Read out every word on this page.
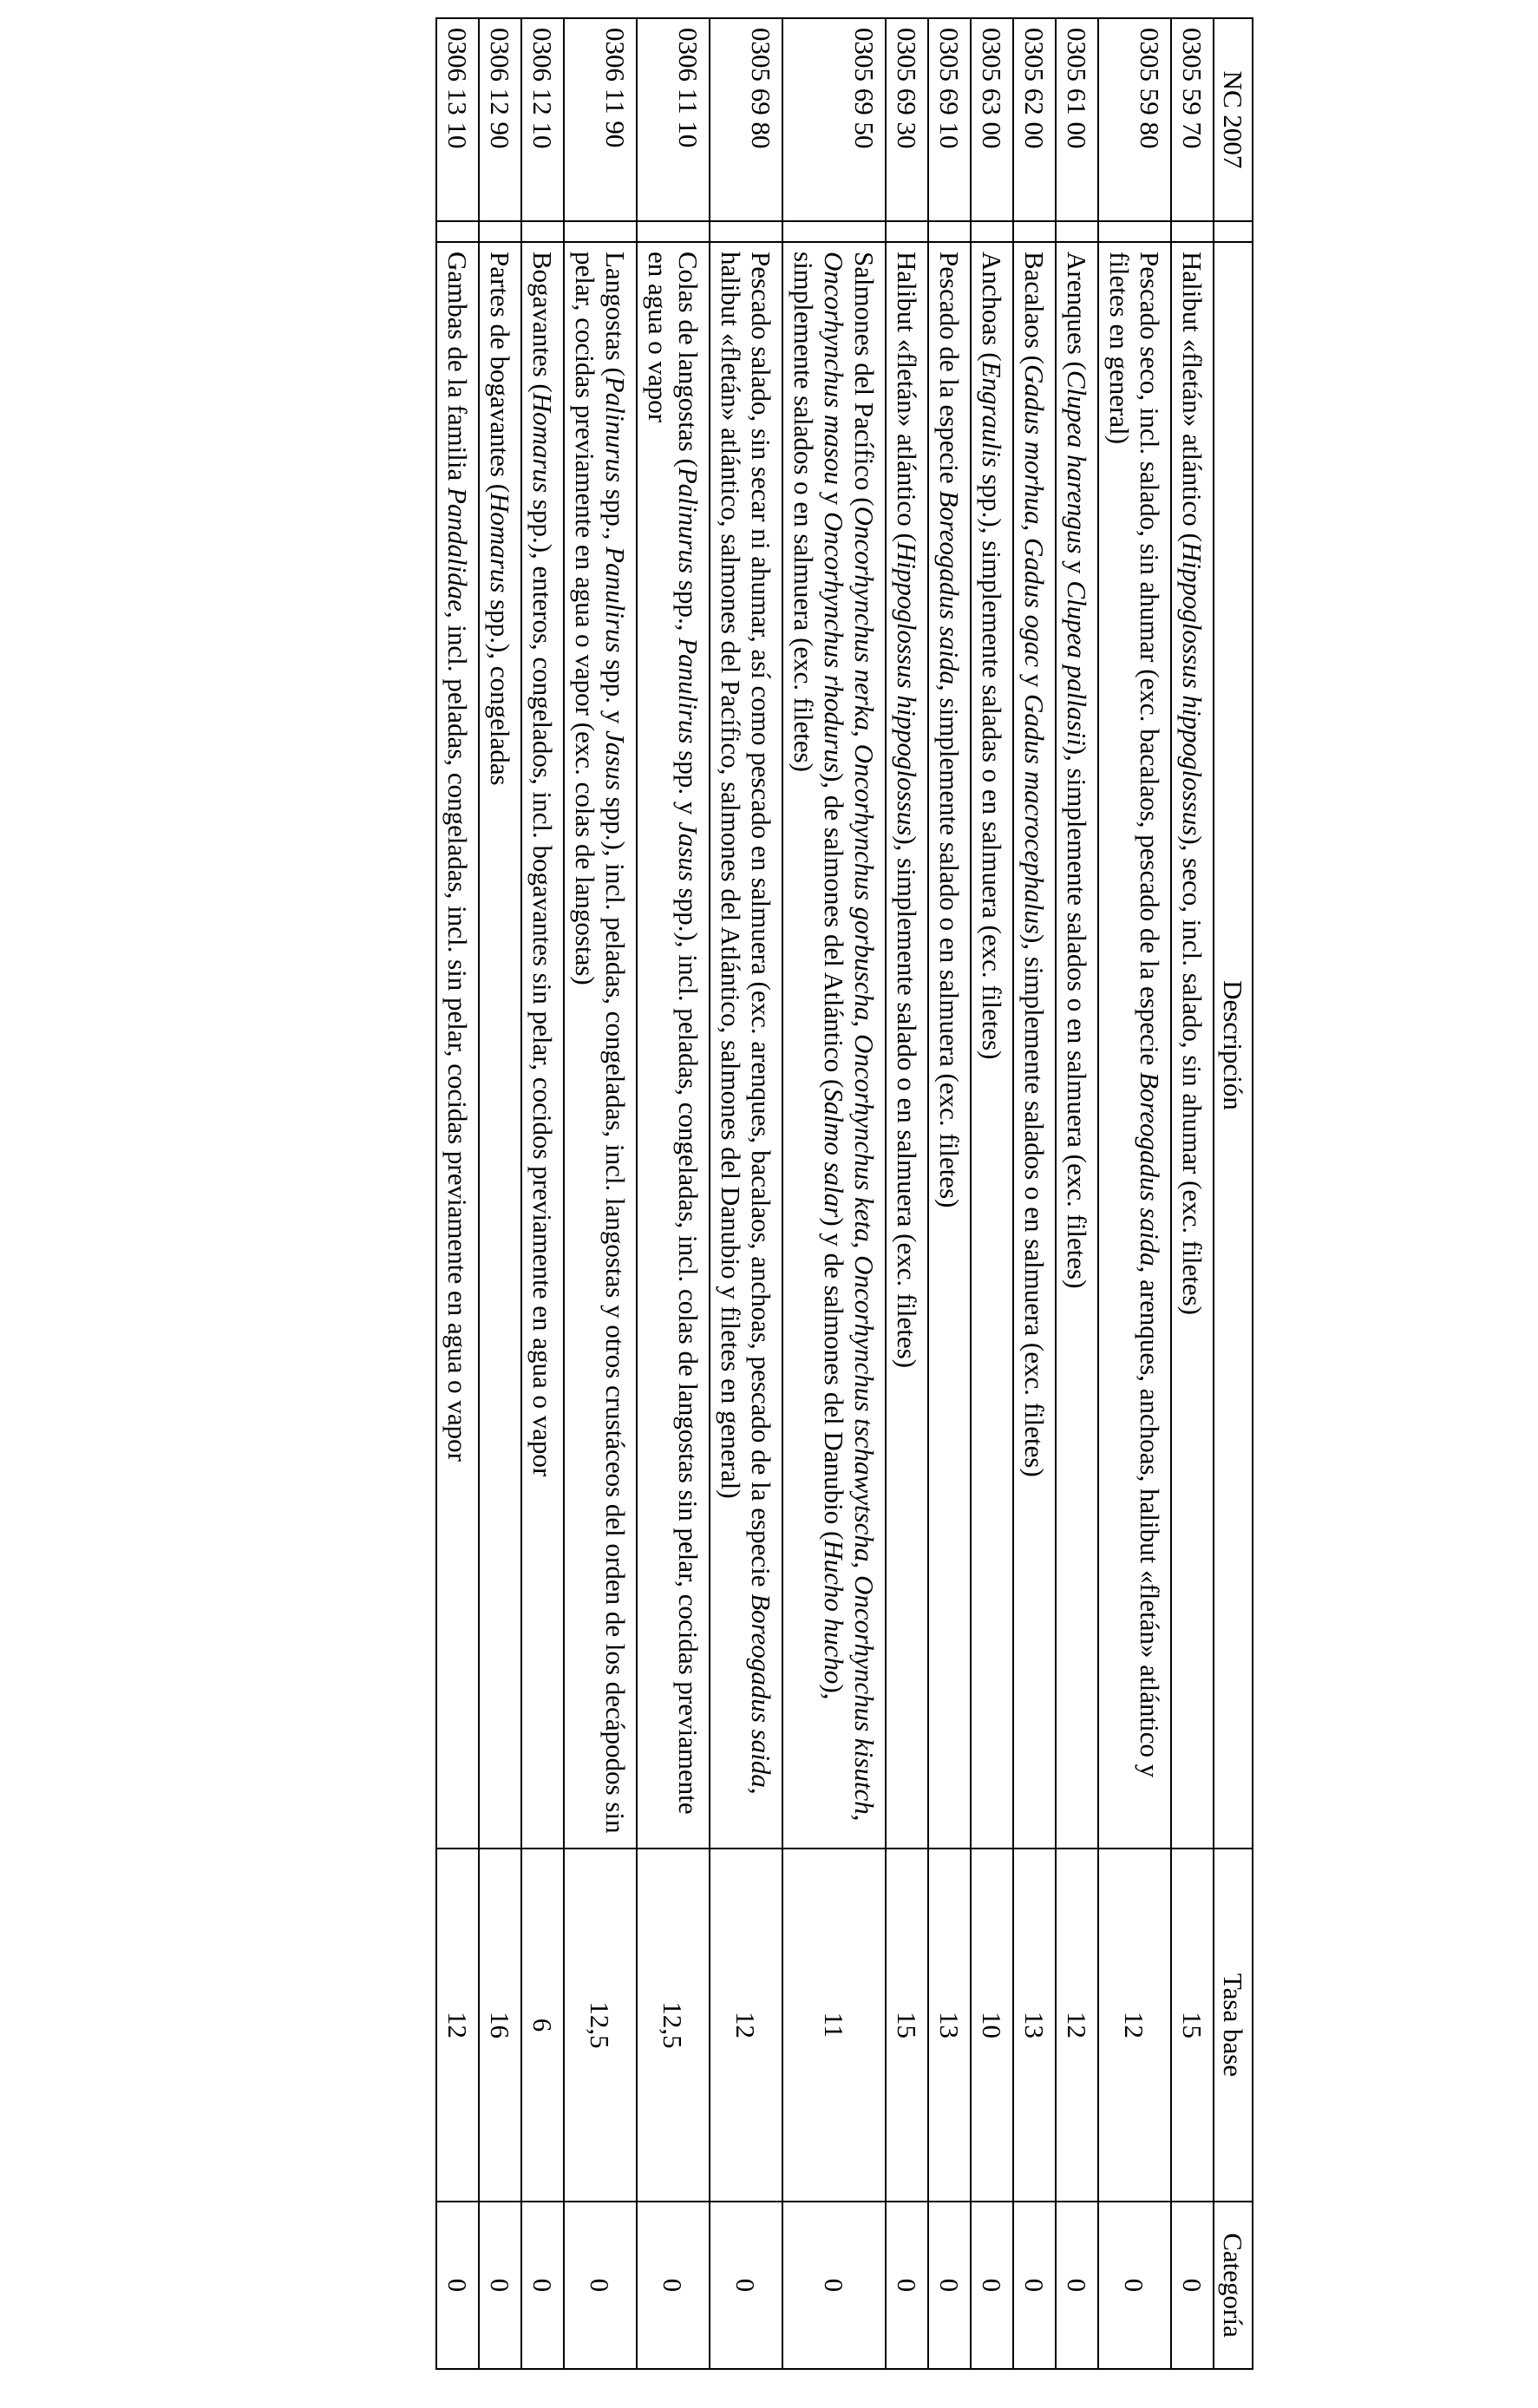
NC 2007		Descripción	Tasa base	Categoría
0305 59 70		Halibut «fletán» atlántico (Hippoglossus hippoglossus), seco, incl. salado, sin ahumar (exc. filetes)	15	0
0305 59 80		Pescado seco, incl. salado, sin ahumar (exc. bacalaos, pescado de la especie Boreogadus saida, arenques, anchoas, halibut «fletán» atlántico y filetes en general)	12	0
0305 61 00		Arenques (Clupea harengus y Clupea pallasii), simplemente salados o en salmuera (exc. filetes)	12	0
0305 62 00		Bacalaos (Gadus morhua, Gadus ogac y Gadus macrocephalus), simplemente salados o en salmuera (exc. filetes)	13	0
0305 63 00		Anchoas (Engraulis spp.), simplemente saladas o en salmuera (exc. filetes)	10	0
0305 69 10		Pescado de la especie Boreogadus saida, simplemente salado o en salmuera (exc. filetes)	13	0
0305 69 30		Halibut «fletán» atlántico (Hippoglossus hippoglossus), simplemente salado o en salmuera (exc. filetes)	15	0
0305 69 50		Salmones del Pacífico (Oncorhynchus nerka, Oncorhynchus gorbuscha, Oncorhynchus keta, Oncorhynchus tschawytscha, Oncorhynchus kisutch, Oncorhynchus masou y Oncorhynchus rhodurus), de salmones del Atlántico (Salmo salar) y de salmones del Danubio (Hucho hucho), simplemente salados o en salmuera (exc. filetes)	11	0
0305 69 80		Pescado salado, sin secar ni ahumar, así como pescado en salmuera (exc. arenques, bacalaos, anchoas, pescado de la especie Boreogadus saida, halibut «fletán» atlántico, salmones del Pacífico, salmones del Atlántico, salmones del Danubio y filetes en general)	12	0
0306 11 10		Colas de langostas (Palinurus spp., Panulirus spp. y Jasus spp.), incl. peladas, congeladas, incl. colas de langostas sin pelar, cocidas previamente en agua o vapor	12,5	0
0306 11 90		Langostas (Palinurus spp., Panulirus spp. y Jasus spp.), incl. peladas, congeladas, incl. langostas y otros crustáceos del orden de los decápodos sin pelar, cocidas previamente en agua o vapor (exc. colas de langostas)	12,5	0
0306 12 10		Bogavantes (Homarus spp.), enteros, congelados, incl. bogavantes sin pelar, cocidos previamente en agua o vapor	6	0
0306 12 90		Partes de bogavantes (Homarus spp.), congeladas	16	0
0306 13 10		Gambas de la familia Pandalidae, incl. peladas, congeladas, incl. sin pelar, cocidas previamente en agua o vapor	12	0
